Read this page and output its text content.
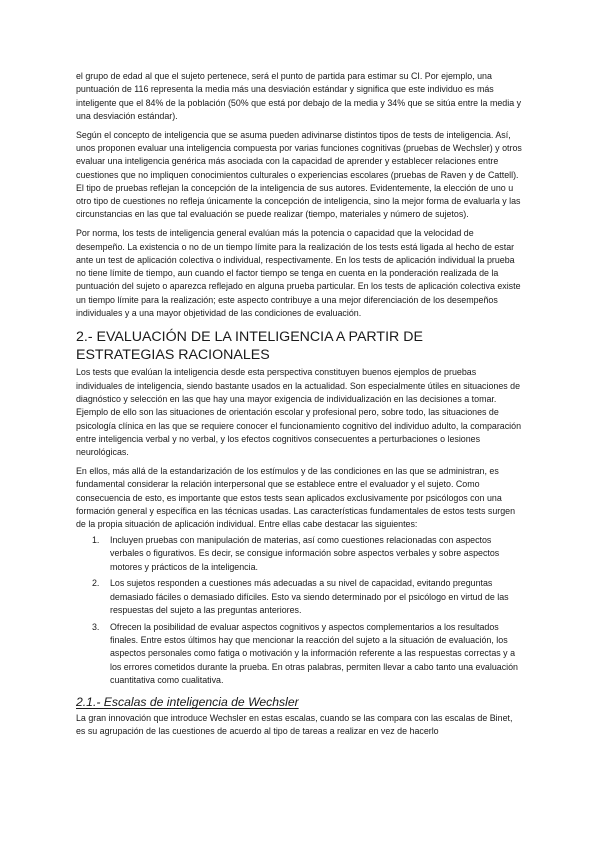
el grupo de edad al que el sujeto pertenece, será el punto de partida para estimar su CI. Por ejemplo, una puntuación de 116 representa la media más una desviación estándar y significa que este individuo es más inteligente que el 84% de la población (50% que está por debajo de la media y 34% que se sitúa entre la media y una desviación estándar).

Según el concepto de inteligencia que se asuma pueden adivinarse distintos tipos de tests de inteligencia. Así, unos proponen evaluar una inteligencia compuesta por varias funciones cognitivas (pruebas de Wechsler) y otros evaluar una inteligencia genérica más asociada con la capacidad de aprender y establecer relaciones entre cuestiones que no impliquen conocimientos culturales o experiencias escolares (pruebas de Raven y de Cattell). El tipo de pruebas reflejan la concepción de la inteligencia de sus autores. Evidentemente, la elección de uno u otro tipo de cuestiones no refleja únicamente la concepción de inteligencia, sino la mejor forma de evaluarla y las circunstancias en las que tal evaluación se puede realizar (tiempo, materiales y número de sujetos).

Por norma, los tests de inteligencia general evalúan más la potencia o capacidad que la velocidad de desempeño. La existencia o no de un tiempo límite para la realización de los tests está ligada al hecho de estar ante un test de aplicación colectiva o individual, respectivamente. En los tests de aplicación individual la prueba no tiene límite de tiempo, aun cuando el factor tiempo se tenga en cuenta en la ponderación realizada de la puntuación del sujeto o aparezca reflejado en alguna prueba particular. En los tests de aplicación colectiva existe un tiempo límite para la realización; este aspecto contribuye a una mejor diferenciación de los desempeños individuales y a una mayor objetividad de las condiciones de evaluación.

2.- EVALUACIÓN DE LA INTELIGENCIA A PARTIR DE ESTRATEGIAS RACIONALES

Los tests que evalúan la inteligencia desde esta perspectiva constituyen buenos ejemplos de pruebas individuales de inteligencia, siendo bastante usados en la actualidad. Son especialmente útiles en situaciones de diagnóstico y selección en las que hay una mayor exigencia de individualización en las decisiones a tomar. Ejemplo de ello son las situaciones de orientación escolar y profesional pero, sobre todo, las situaciones de psicología clínica en las que se requiere conocer el funcionamiento cognitivo del individuo adulto, la comparación entre inteligencia verbal y no verbal, y los efectos cognitivos consecuentes a perturbaciones o lesiones neurológicas.

En ellos, más allá de la estandarización de los estímulos y de las condiciones en las que se administran, es fundamental considerar la relación interpersonal que se establece entre el evaluador y el sujeto. Como consecuencia de esto, es importante que estos tests sean aplicados exclusivamente por psicólogos con una formación general y específica en las técnicas usadas. Las características fundamentales de estos tests surgen de la propia situación de aplicación individual. Entre ellas cabe destacar las siguientes:

1. Incluyen pruebas con manipulación de materias, así como cuestiones relacionadas con aspectos verbales o figurativos. Es decir, se consigue información sobre aspectos verbales y sobre aspectos motores y prácticos de la inteligencia.
2. Los sujetos responden a cuestiones más adecuadas a su nivel de capacidad, evitando preguntas demasiado fáciles o demasiado difíciles. Esto va siendo determinado por el psicólogo en virtud de las respuestas del sujeto a las preguntas anteriores.
3. Ofrecen la posibilidad de evaluar aspectos cognitivos y aspectos complementarios a los resultados finales. Entre estos últimos hay que mencionar la reacción del sujeto a la situación de evaluación, los aspectos personales como fatiga o motivación y la información referente a las respuestas correctas y a los errores cometidos durante la prueba. En otras palabras, permiten llevar a cabo tanto una evaluación cuantitativa como cualitativa.
2.1.- Escalas de inteligencia de Wechsler

La gran innovación que introduce Wechsler en estas escalas, cuando se las compara con las escalas de Binet, es su agrupación de las cuestiones de acuerdo al tipo de tareas a realizar en vez de hacerlo
